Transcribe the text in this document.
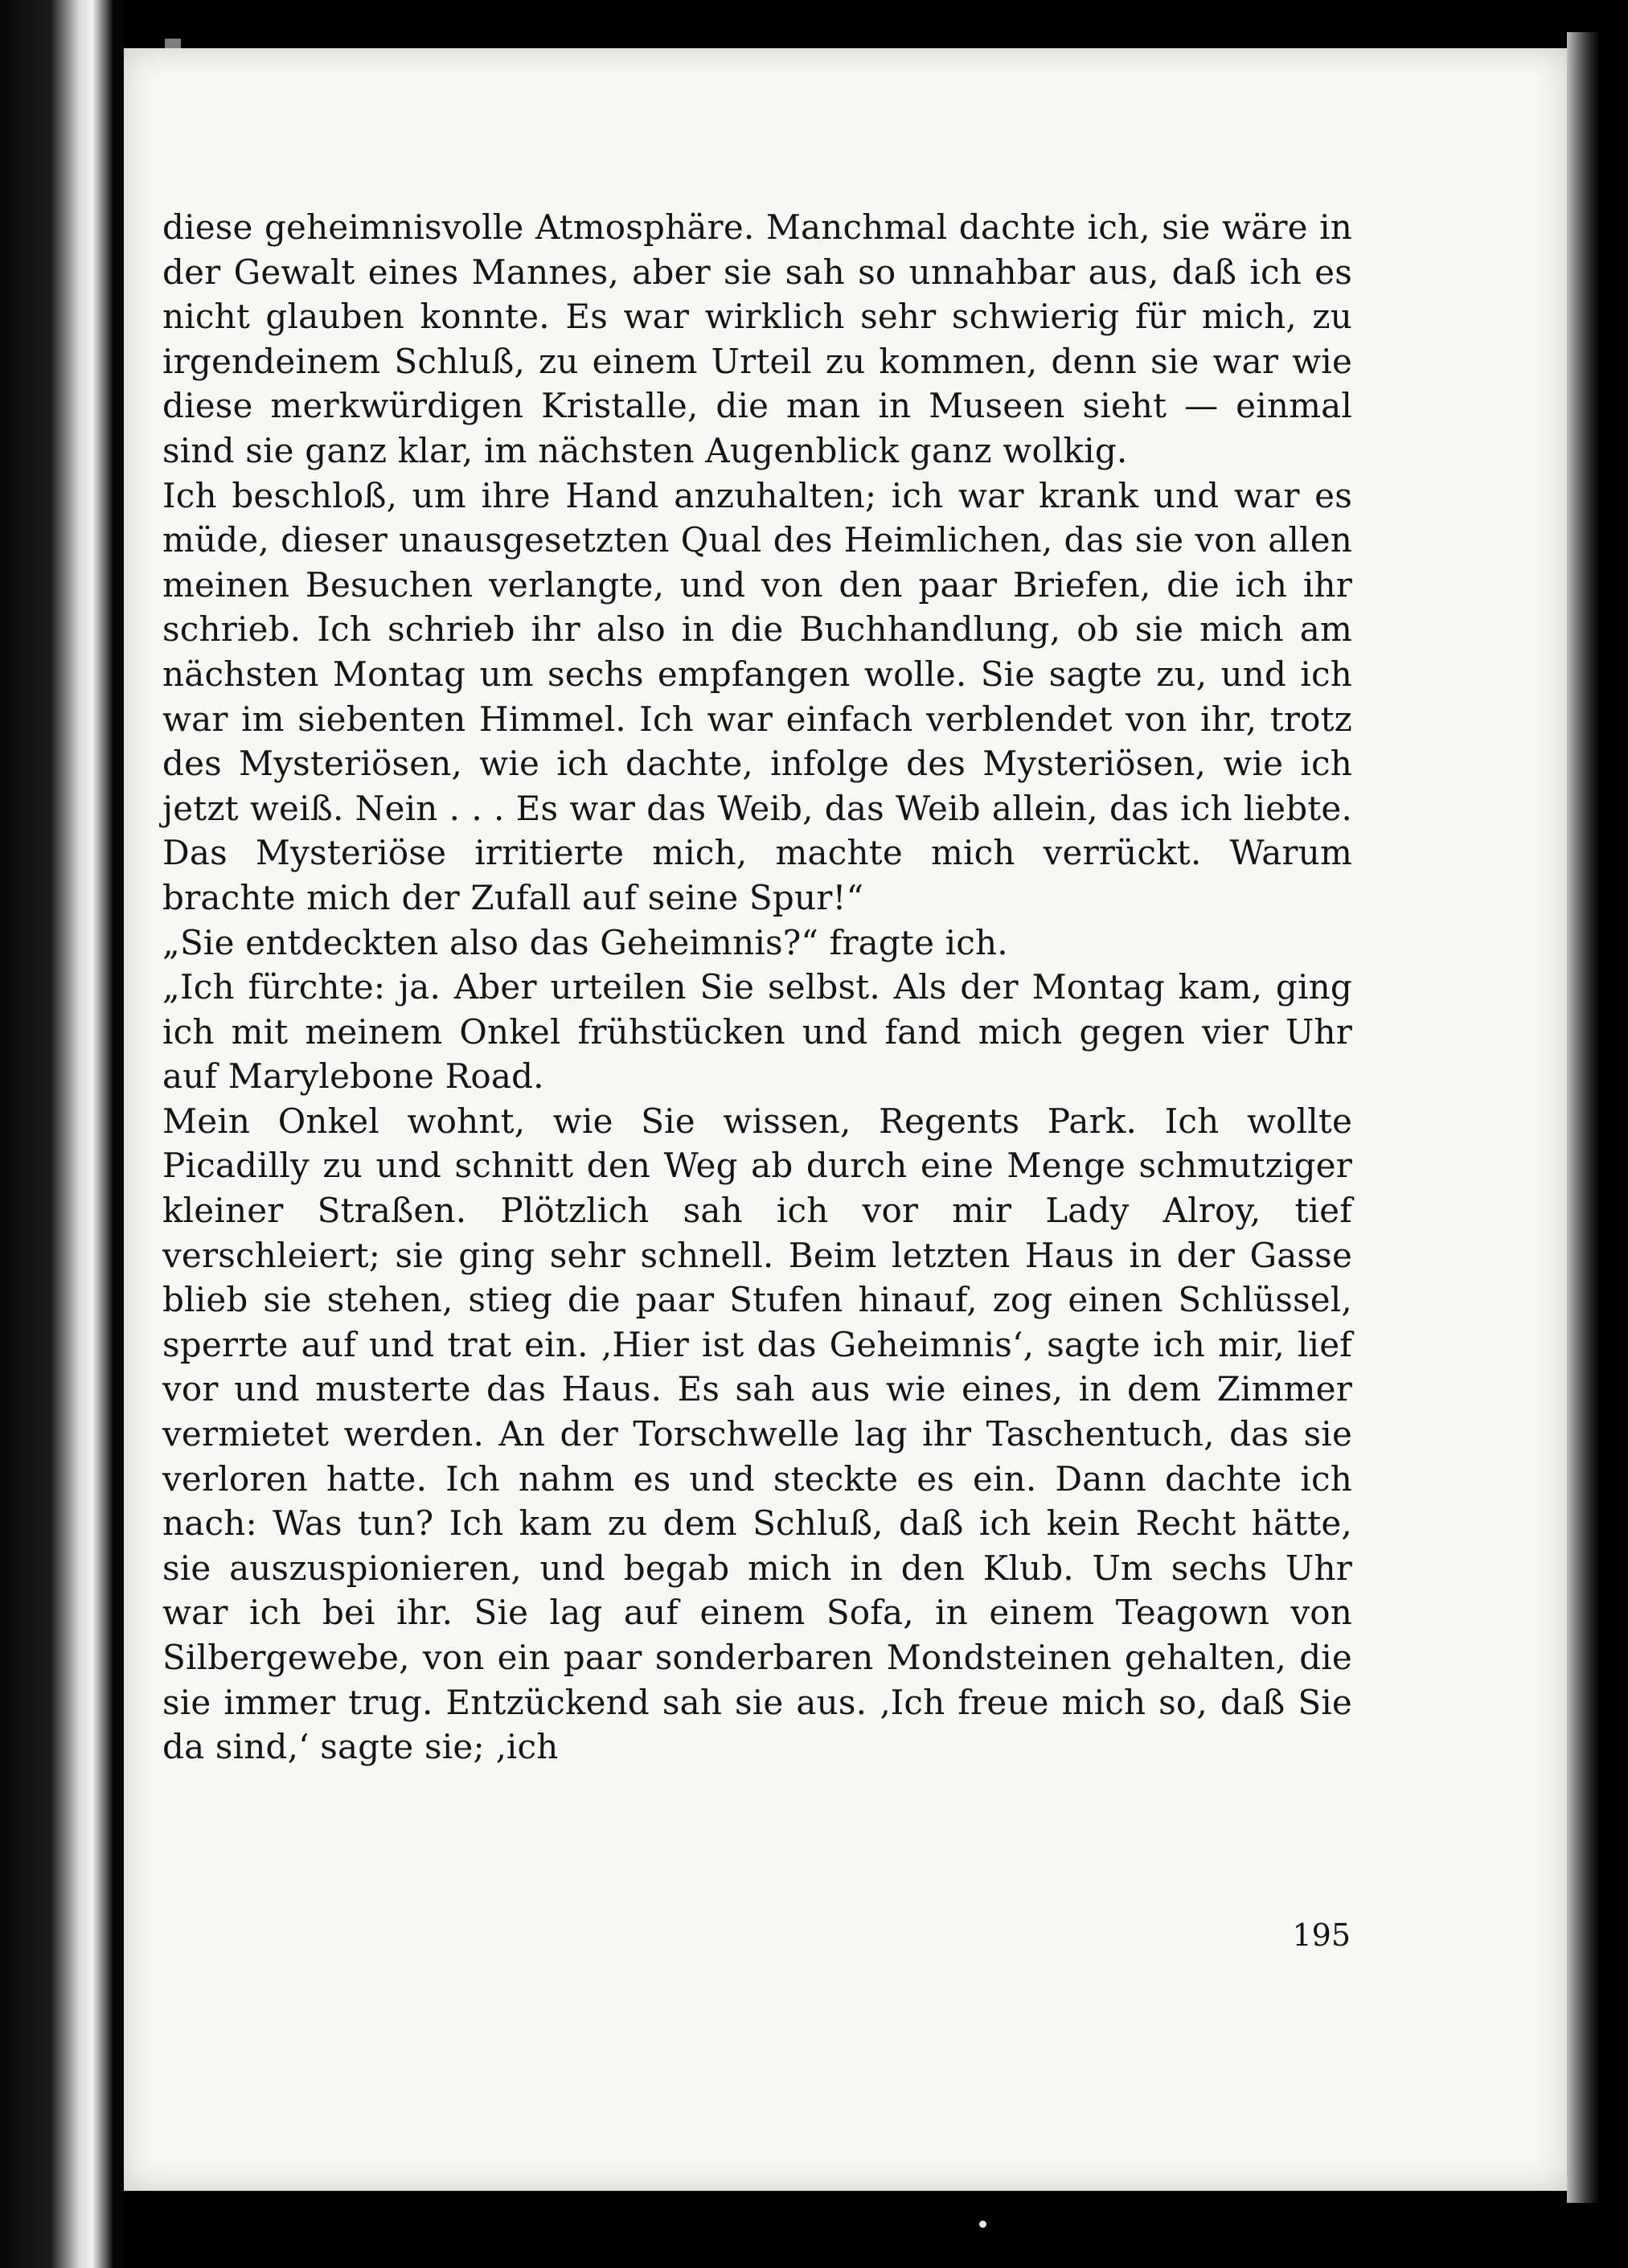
diese geheimnisvolle Atmosphäre. Manchmal dachte ich, sie wäre in der Gewalt eines Mannes, aber sie sah so unnahbar aus, daß ich es nicht glauben konnte. Es war wirklich sehr schwierig für mich, zu irgendeinem Schluß, zu einem Urteil zu kommen, denn sie war wie diese merkwürdigen Kristalle, die man in Museen sieht — einmal sind sie ganz klar, im nächsten Augenblick ganz wolkig.

Ich beschloß, um ihre Hand anzuhalten; ich war krank und war es müde, dieser unausgesetzten Qual des Heimlichen, das sie von allen meinen Besuchen verlangte, und von den paar Briefen, die ich ihr schrieb. Ich schrieb ihr also in die Buchhandlung, ob sie mich am nächsten Montag um sechs empfangen wolle. Sie sagte zu, und ich war im siebenten Himmel. Ich war einfach verblendet von ihr, trotz des Mysteriösen, wie ich dachte, infolge des Mysteriösen, wie ich jetzt weiß. Nein . . . Es war das Weib, das Weib allein, das ich liebte. Das Mysteriöse irritierte mich, machte mich verrückt. Warum brachte mich der Zufall auf seine Spur!“

„Sie entdeckten also das Geheimnis?“ fragte ich.

„Ich fürchte: ja. Aber urteilen Sie selbst. Als der Montag kam, ging ich mit meinem Onkel frühstücken und fand mich gegen vier Uhr auf Marylebone Road.

Mein Onkel wohnt, wie Sie wissen, Regents Park. Ich wollte Picadilly zu und schnitt den Weg ab durch eine Menge schmutziger kleiner Straßen. Plötzlich sah ich vor mir Lady Alroy, tief verschleiert; sie ging sehr schnell. Beim letzten Haus in der Gasse blieb sie stehen, stieg die paar Stufen hinauf, zog einen Schlüssel, sperrte auf und trat ein. ‚Hier ist das Geheimnis‘, sagte ich mir, lief vor und musterte das Haus. Es sah aus wie eines, in dem Zimmer vermietet werden. An der Torschwelle lag ihr Taschentuch, das sie verloren hatte. Ich nahm es und steckte es ein. Dann dachte ich nach: Was tun? Ich kam zu dem Schluß, daß ich kein Recht hätte, sie auszuspionieren, und begab mich in den Klub. Um sechs Uhr war ich bei ihr. Sie lag auf einem Sofa, in einem Teagown von Silbergewebe, von ein paar sonderbaren Mondsteinen gehalten, die sie immer trug. Entzückend sah sie aus. ‚Ich freue mich so, daß Sie da sind,‘ sagte sie; ‚ich

195
